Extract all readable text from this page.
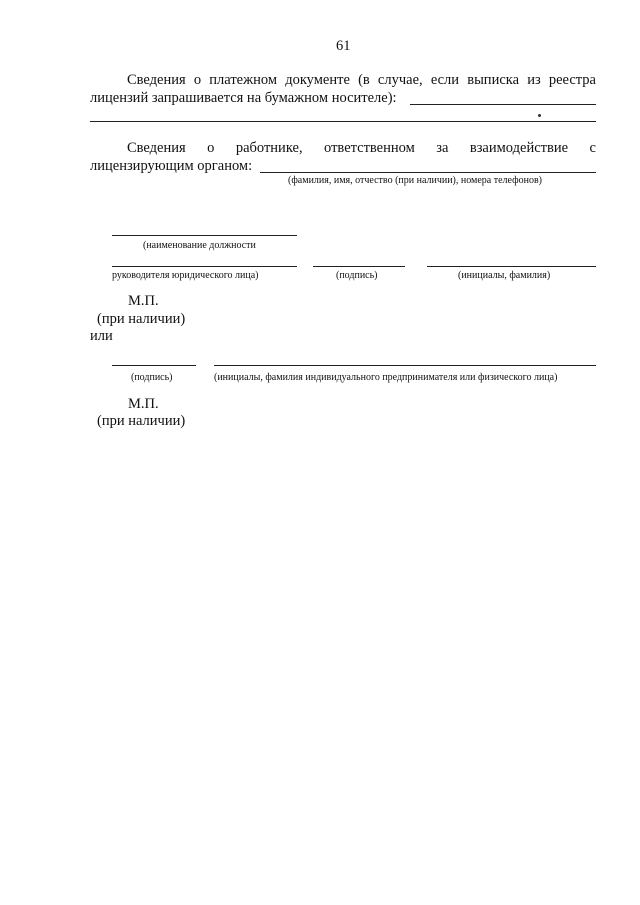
61
Сведения о платежном документе (в случае, если выписка из реестра
лицензий запрашивается на бумажном носителе):
Сведения о работнике, ответственном за взаимодействие с
лицензирующим органом:
(фамилия, имя, отчество (при наличии), номера телефонов)
(наименование должности
руководителя юридического лица)	(подпись)	(инициалы, фамилия)
М.П.
(при наличии)
или
(подпись)	(инициалы, фамилия индивидуального предпринимателя или физического лица)
М.П.
(при наличии)
